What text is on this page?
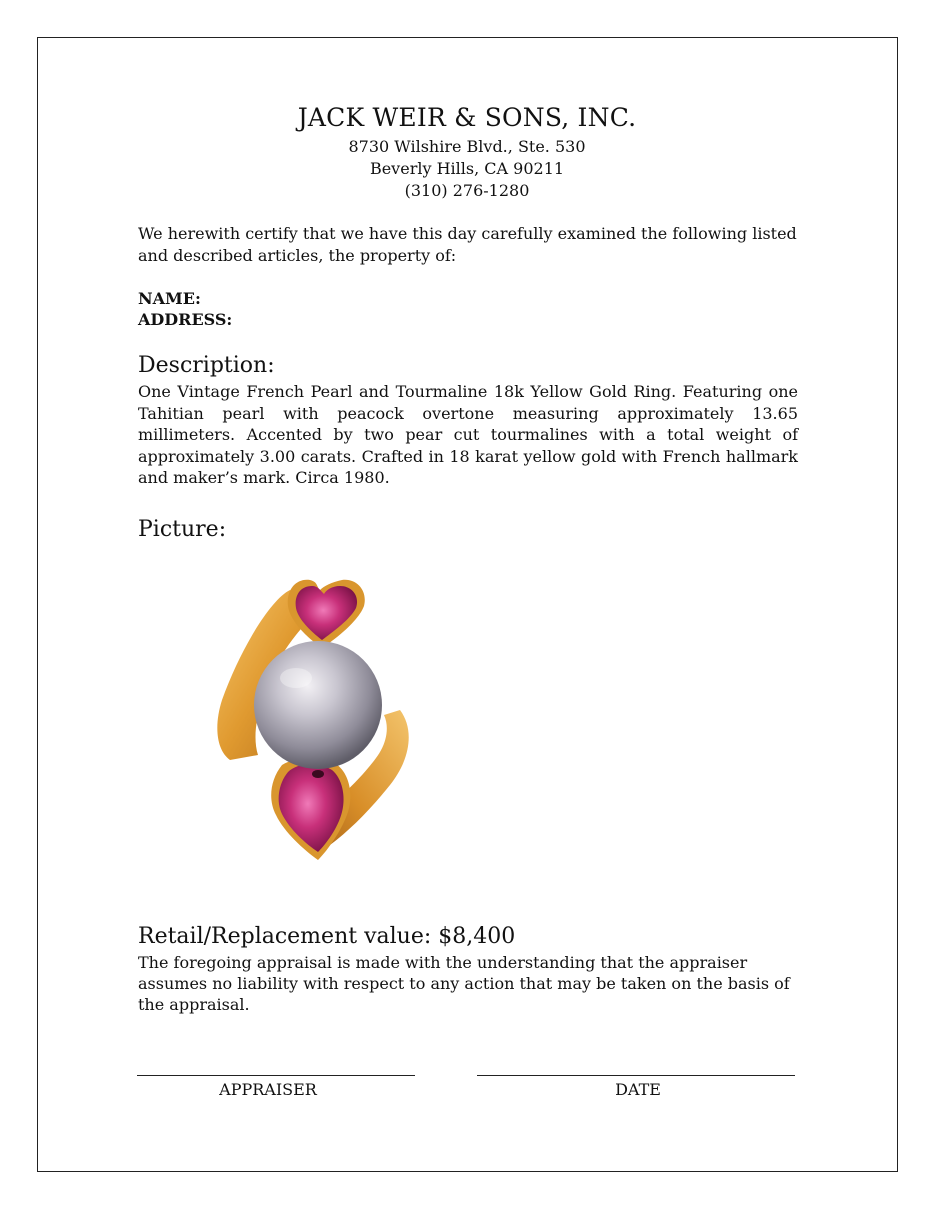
JACK WEIR & SONS, INC.
8730 Wilshire Blvd., Ste. 530
Beverly Hills, CA 90211
(310) 276-1280
We herewith certify that we have this day carefully examined the following listed and described articles, the property of:
NAME:
ADDRESS:
Description:
One Vintage French Pearl and Tourmaline 18k Yellow Gold Ring. Featuring one Tahitian pearl with peacock overtone measuring approximately 13.65 millimeters. Accented by two pear cut tourmalines with a total weight of approximately 3.00 carats. Crafted in 18 karat yellow gold with French hallmark and maker’s mark. Circa 1980.
Picture:
Retail/Replacement value: $8,400
The foregoing appraisal is made with the understanding that the appraiser assumes no liability with respect to any action that may be taken on the basis of the appraisal.
APPRAISER	DATE
